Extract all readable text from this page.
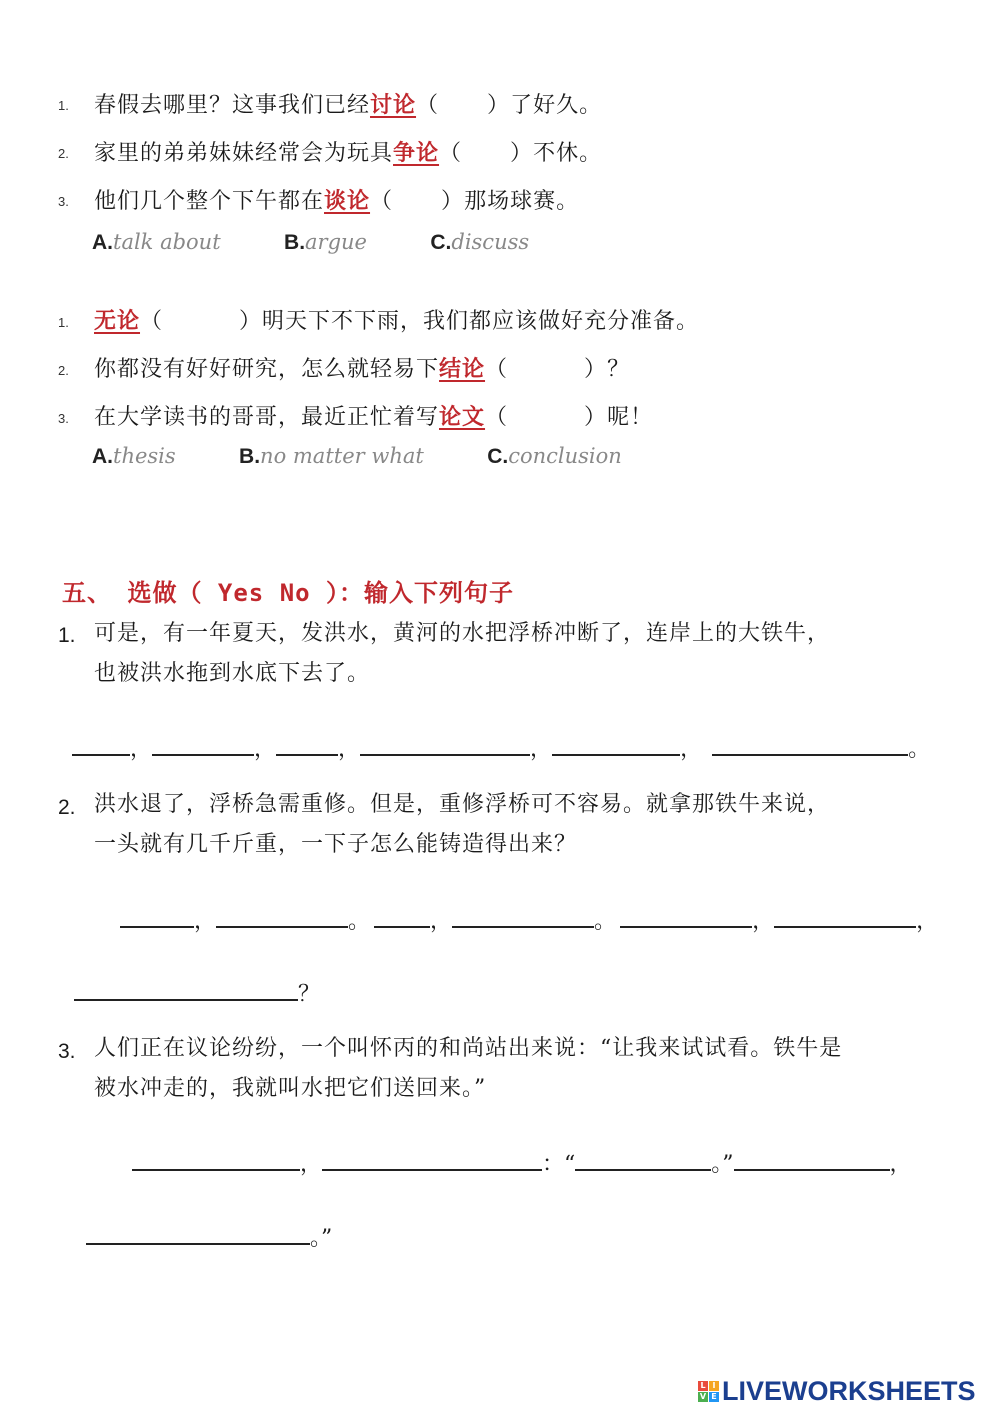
1. 春假去哪里？这事我们已经讨论（ ）了好久。
2. 家里的弟弟妹妹经常会为玩具争论（ ）不休。
3. 他们几个整个下午都在谈论（ ）那场球赛。
A.talk about	B.argue	C.discuss
1. 无论（	）明天下不下雨，我们都应该做好充分准备。
2. 你都没有好好研究，怎么就轻易下结论（	）？
3. 在大学读书的哥哥，最近正忙着写论文（	）呢！
A.thesis	B.no matter what	C.conclusion
五、 选做（ Yes No ）：输入下列句子
1. 可是，有一年夏天，发洪水，黄河的水把浮桥冲断了，连岸上的大铁牛，
也被洪水拖到水底下去了。
，	，	，	，	，	。
2. 洪水退了，浮桥急需重修。但是，重修浮桥可不容易。就拿那铁牛来说，
一头就有几千斤重，一下子怎么能铸造得出来？
，	。	，	。	，	，
？
3. 人们正在议论纷纷，一个叫怀丙的和尚站出来说：“让我来试试看。铁牛是
被水冲走的，我就叫水把它们送回来。”
，	：“	。”	，
。”
L I
V E LIVEWORKSHEETS
